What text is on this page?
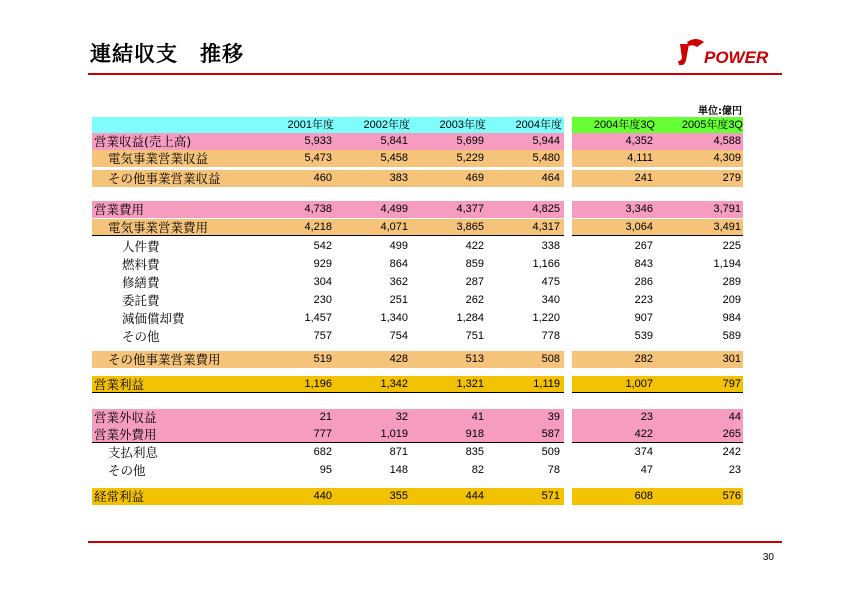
連結収支　推移	POWER
単位:億円
2001年度	2002年度	2003年度	2004年度	2004年度3Q	2005年度3Q
営業収益(売上高)	5,933	5,841	5,699	5,944	4,352	4,588
電気事業営業収益	5,473	5,458	5,229	5,480	4,111	4,309
その他事業営業収益	460	383	469	464	241	279
営業費用	4,738	4,499	4,377	4,825	3,346	3,791
電気事業営業費用	4,218	4,071	3,865	4,317	3,064	3,491
人件費	542	499	422	338	267	225
燃料費	929	864	859	1,166	843	1,194
修繕費	304	362	287	475	286	289
委託費	230	251	262	340	223	209
減価償却費	1,457	1,340	1,284	1,220	907	984
その他	757	754	751	778	539	589
その他事業営業費用	519	428	513	508	282	301
営業利益	1,196	1,342	1,321	1,119	1,007	797
営業外収益	21	32	41	39	23	44
営業外費用	777	1,019	918	587	422	265
支払利息	682	871	835	509	374	242
その他	95	148	82	78	47	23
経常利益	440	355	444	571	608	576
30
